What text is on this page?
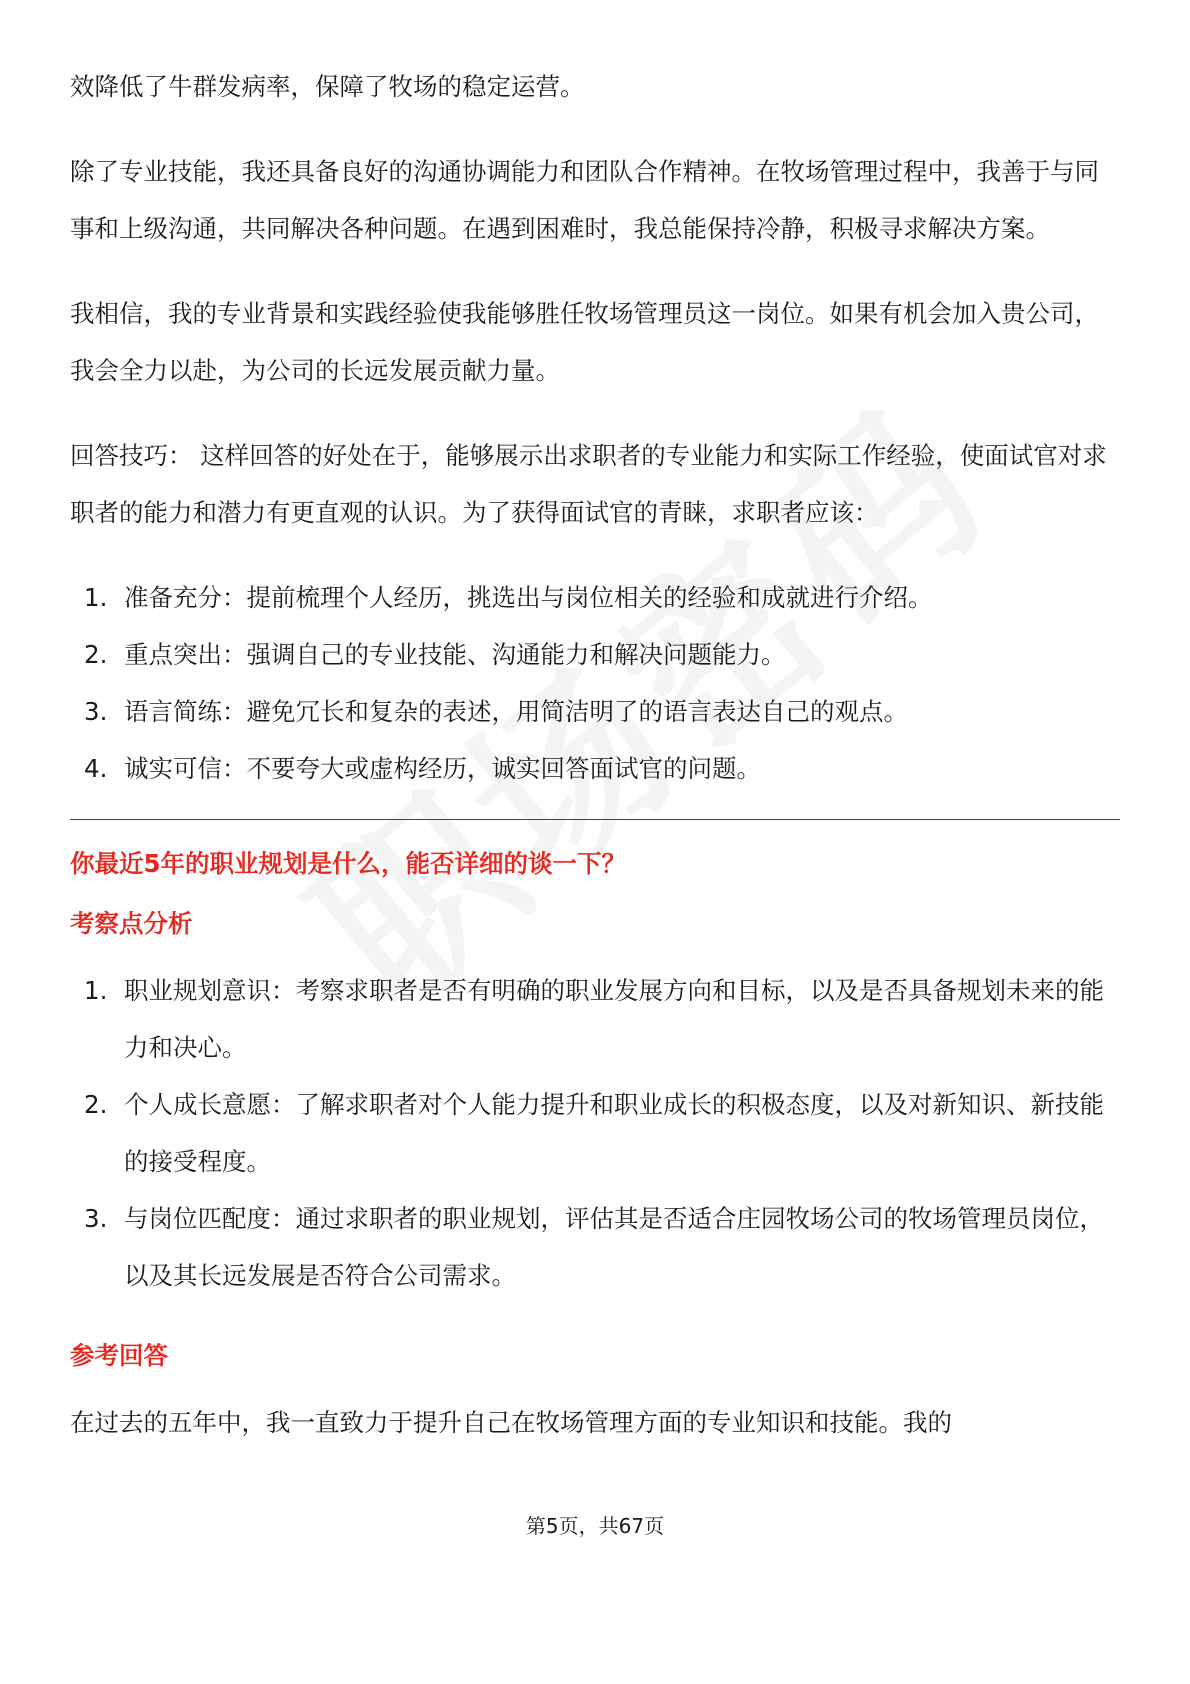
效降低了牛群发病率，保障了牧场的稳定运营。

除了专业技能，我还具备良好的沟通协调能力和团队合作精神。在牧场管理过程中，我善于与同事和上级沟通，共同解决各种问题。在遇到困难时，我总能保持冷静，积极寻求解决方案。

我相信，我的专业背景和实践经验使我能够胜任牧场管理员这一岗位。如果有机会加入贵公司，我会全力以赴，为公司的长远发展贡献力量。

回答技巧： 这样回答的好处在于，能够展示出求职者的专业能力和实际工作经验，使面试官对求职者的能力和潜力有更直观的认识。为了获得面试官的青睐，求职者应该：

1. 准备充分：提前梳理个人经历，挑选出与岗位相关的经验和成就进行介绍。
2. 重点突出：强调自己的专业技能、沟通能力和解决问题能力。
3. 语言简练：避免冗长和复杂的表述，用简洁明了的语言表达自己的观点。
4. 诚实可信：不要夸大或虚构经历，诚实回答面试官的问题。
你最近5年的职业规划是什么，能否详细的谈一下？
考察点分析
1. 职业规划意识：考察求职者是否有明确的职业发展方向和目标，以及是否具备规划未来的能力和决心。
2. 个人成长意愿：了解求职者对个人能力提升和职业成长的积极态度，以及对新知识、新技能的接受程度。
3. 与岗位匹配度：通过求职者的职业规划，评估其是否适合庄园牧场公司的牧场管理员岗位，以及其长远发展是否符合公司需求。
参考回答

在过去的五年中，我一直致力于提升自己在牧场管理方面的专业知识和技能。我的

第5页，共67页
